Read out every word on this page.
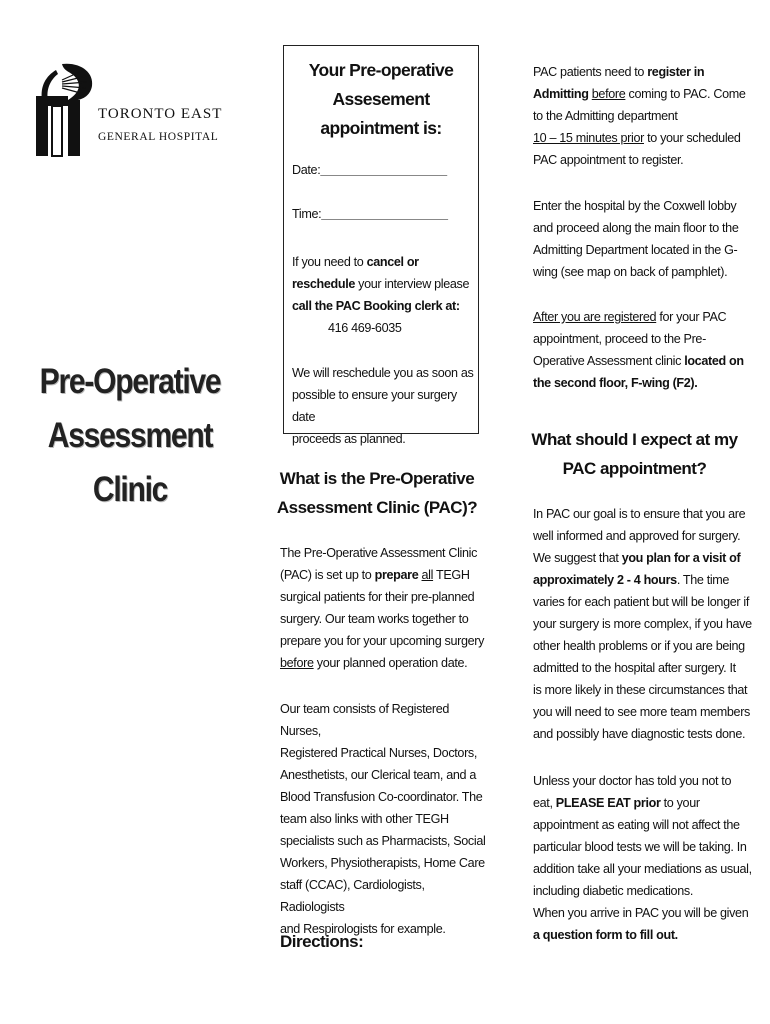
TORONTO EAST
GENERAL HOSPITAL
Pre-Operative
Assessment
Clinic
Your Pre-operative
Assesement
appointment is:
Date:___________________
Time:___________________
If you need to cancel or
reschedule your interview please
call the PAC Booking clerk at:
416 469-6035
We will reschedule you as soon as
possible to ensure your surgery date
proceeds as planned.
What is the Pre-Operative
Assessment Clinic (PAC)?
The Pre-Operative Assessment Clinic
(PAC) is set up to prepare all TEGH
surgical patients for their pre-planned
surgery. Our team works together to
prepare you for your upcoming surgery
before your planned operation date.
Our team consists of Registered Nurses,
Registered Practical Nurses, Doctors,
Anesthetists, our Clerical team, and a
Blood Transfusion Co-coordinator. The
team also links with other TEGH
specialists such as Pharmacists, Social
Workers, Physiotherapists, Home Care
staff (CCAC), Cardiologists, Radiologists
and Respirologists for example.
Directions:
PAC patients need to register in
Admitting before coming to PAC. Come
to the Admitting department
10 – 15 minutes prior to your scheduled
PAC appointment to register.
Enter the hospital by the Coxwell lobby
and proceed along the main floor to the
Admitting Department located in the G-
wing (see map on back of pamphlet).
After you are registered for your PAC
appointment, proceed to the Pre-
Operative Assessment clinic located on
the second floor, F-wing (F2).
What should I expect at my
PAC appointment?
In PAC our goal is to ensure that you are
well informed and approved for surgery.
We suggest that you plan for a visit of
approximately 2 - 4 hours. The time
varies for each patient but will be longer if
your surgery is more complex, if you have
other health problems or if you are being
admitted to the hospital after surgery. It
is more likely in these circumstances that
you will need to see more team members
and possibly have diagnostic tests done.
Unless your doctor has told you not to
eat, PLEASE EAT prior to your
appointment as eating will not affect the
particular blood tests we will be taking. In
addition take all your mediations as usual,
including diabetic medications.
When you arrive in PAC you will be given
a question form to fill out.
